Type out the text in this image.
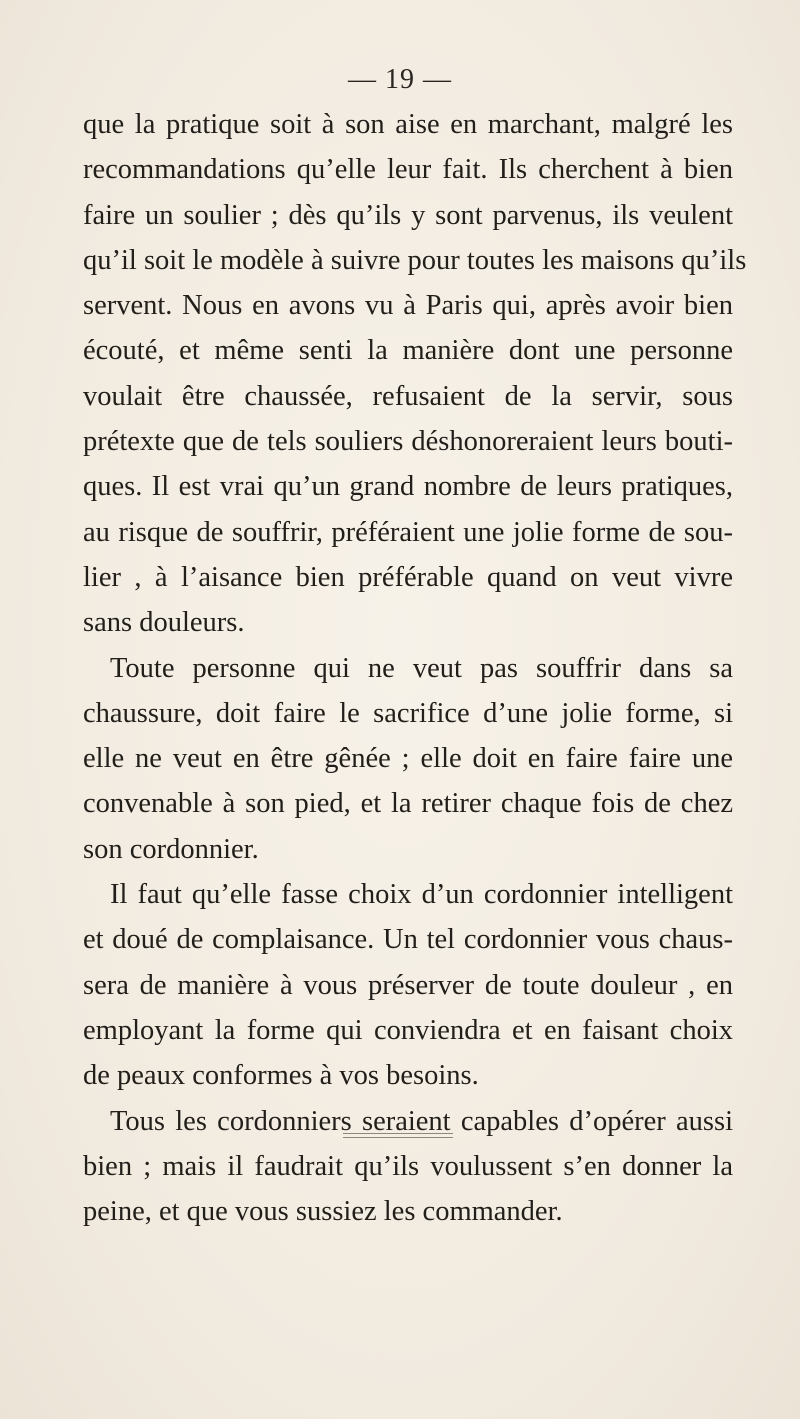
— 19 —
que la pratique soit à son aise en marchant, malgré les
recommandations qu’elle leur fait. Ils cherchent à bien
faire un soulier ; dès qu’ils y sont parvenus, ils veulent
qu’il soit le modèle à suivre pour toutes les maisons qu’ils
servent. Nous en avons vu à Paris qui, après avoir bien
écouté, et même senti la manière dont une personne
voulait être chaussée, refusaient de la servir, sous
prétexte que de tels souliers déshonoreraient leurs bouti-
ques. Il est vrai qu’un grand nombre de leurs pratiques,
au risque de souffrir, préféraient une jolie forme de sou-
lier , à l’aisance bien préférable quand on veut vivre
sans douleurs.
Toute personne qui ne veut pas souffrir dans sa
chaussure, doit faire le sacrifice d’une jolie forme, si
elle ne veut en être gênée ; elle doit en faire faire une
convenable à son pied, et la retirer chaque fois de chez
son cordonnier.
Il faut qu’elle fasse choix d’un cordonnier intelligent
et doué de complaisance. Un tel cordonnier vous chaus-
sera de manière à vous préserver de toute douleur , en
employant la forme qui conviendra et en faisant choix
de peaux conformes à vos besoins.
Tous les cordonniers seraient capables d’opérer aussi
bien ; mais il faudrait qu’ils voulussent s’en donner la
peine, et que vous sussiez les commander.
